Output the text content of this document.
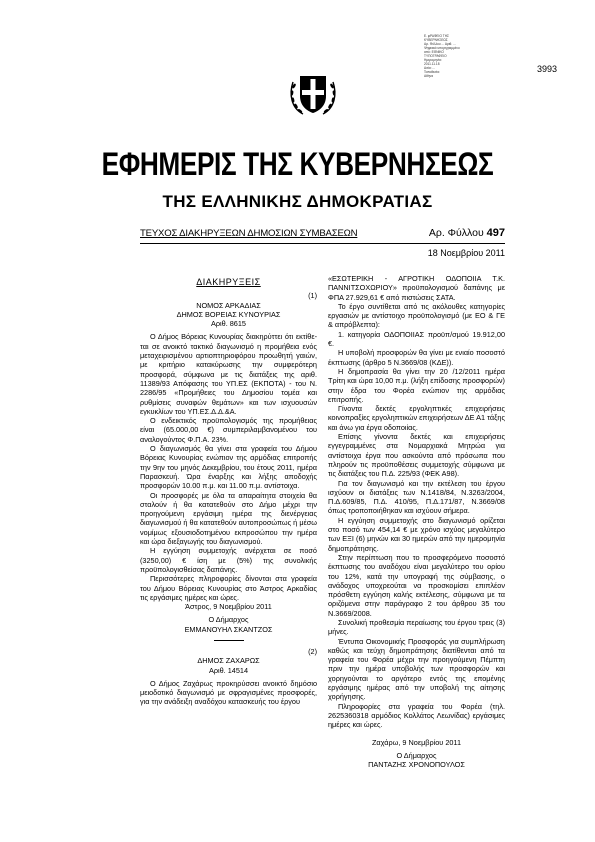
Ε. φΡΑΦΕΙΟ ΤΗΣ
ΚΥΒΕΡΝΗΣΕΩΣ
Αρ. Φύλλου ... Αριθ. ...
Ψηφιακά υπογεγραμμένο
από: ΕΘΝΙΚΟ
ΤΥΠΟΓΡΑΦΕΙΟ
Ημερομηνία:
2011.11.18
Αιτία: ...
Τοποθεσία:
Αθήνα
3993
ΕΦΗΜΕΡΙΣ ΤΗΣ ΚΥΒΕΡΝΗΣΕΩΣ
ΤΗΣ ΕΛΛΗΝΙΚΗΣ ΔΗΜΟΚΡΑΤΙΑΣ
ΤΕΥΧΟΣ ΔΙΑΚΗΡΥΞΕΩΝ ΔΗΜΟΣΙΩΝ ΣΥΜΒΑΣΕΩΝ	Αρ. Φύλλου 497
18 Νοεμβρίου 2011

ΔΙΑΚΗΡΥΞΕΙΣ

(1)

ΝΟΜΟΣ ΑΡΚΑΔΙΑΣ

ΔΗΜΟΣ ΒΟΡΕΙΑΣ ΚΥΝΟΥΡΙΑΣ

Αριθ. 8615

Ο Δήμος Βόρειας Κυνουρίας διακηρύττει ότι εκτίθε-ται σε ανοικτό τακτικό διαγωνισμό η προμήθεια ενός μεταχειρισμένου αρτιοπτηριοφόρου προωθητή γαιών, με κριτήριο κατακύρωσης την συμφερότερη προσφορά, σύμφωνα με τις διατάξεις της αριθ. 11389/93 Απόφασης του ΥΠ.ΕΣ (ΕΚΠΟΤΑ) - του Ν. 2286/95 «Προμήθειες του Δημοσίου τομέα και ρυθμίσεις συναφών θεμάτων» και των ισχυουσών εγκυκλίων του ΥΠ.ΕΣ.Δ.Δ.&Α.

Ο ενδεικτικός προϋπολογισμός της προμήθειας είναι (65.000,00 €) συμπεριλαμβανομένου του αναλογούντος Φ.Π.Α. 23%.

Ο διαγωνισμός θα γίνει στα γραφεία του Δήμου Βόρειας Κυνουρίας ενώπιον της αρμόδιας επιτροπής την 9ην του μηνός Δεκεμβρίου, του έτους 2011, ημέρα Παρασκευή. Ώρα έναρξης και λήξης αποδοχής προσφορών 10.00 π.μ. και 11.00 π.μ. αντίστοιχα.

Οι προσφορές με όλα τα απαραίτητα στοιχεία θα σταλούν ή θα κατατεθούν στο Δήμο μέχρι την προηγούμενη εργάσιμη ημέρα της διενέργειας διαγωνισμού ή θα κατατεθούν αυτοπροσώπως ή μέσω νομίμως εξουσιοδοτημένου εκπροσώπου την ημέρα και ώρα διεξαγωγής του διαγωνισμού.

Η εγγύηση συμμετοχής ανέρχεται σε ποσό (3250,00) € ίση με (5%) της συνολικής προϋπολογισθείσας δαπάνης.

Περισσότερες πληροφορίες δίνονται στα γραφεία του Δήμου Βόρειας Κυνουρίας στο Άστρος Αρκαδίας τις εργάσιμες ημέρες και ώρες.

Άστρος, 9 Νοεμβρίου 2011

Ο Δήμαρχος

ΕΜΜΑΝΟΥΗΛ ΣΚΑΝΤΖΟΣ

(2)

ΔΗΜΟΣ ΖΑΧΑΡΩΣ

Αριθ. 14514

Ο Δήμος Ζαχάρως προκηρύσσει ανοικτό δημόσιο μειοδοτικό διαγωνισμό με σφραγισμένες προσφορές, για την ανάδειξη αναδόχου κατασκευής του έργου

«ΕΣΩΤΕΡΙΚΗ - ΑΓΡΟΤΙΚΗ ΟΔΟΠΟΙΙΑ Τ.Κ. ΠΑΝΝΙΤΣΟΧΩΡΙΟΥ» προϋπολογισμού δαπάνης με ΦΠΑ 27.929,61 € από πιστώσεις ΣΑΤΑ.

Το έργο συντίθεται από τις ακόλουθες κατηγορίες εργασιών με αντίστοιχο προϋπολογισμό (με ΕΟ & ΓΕ & απρόβλεπτα):

1. κατηγορία ΟΔΟΠΟΙΙΑΣ προϋπ/σμού 19.912,00 €.

Η υποβολή προσφορών θα γίνει με ενιαίο ποσοστό έκπτωσης (άρθρο 5 Ν.3669/08 (ΚΔΕ)).

Η δημοπρασία θα γίνει την 20 /12/2011 ημέρα Τρίτη και ώρα 10,00 π.μ. (λήξη επίδοσης προσφορών) στην έδρα του Φορέα ενώπιον της αρμόδιας επιτροπής.

Γίνοντα δεκτές εργοληπτικές επιχειρήσεις κοινοπραξίες εργοληπτικών επιχειρήσεων ΔΕ Α1 τάξης και άνω για έργα οδοποιίας.

Επίσης γίνοντα δεκτές και επιχειρήσεις εγγεγραμμένες στα Νομαρχιακά Μητρώα για αντίστοιχα έργα που ασκούντα από πρόσωπα που πληρούν τις προϋποθέσεις συμμετοχής σύμφωνα με τις διατάξεις του Π.Δ. 225/93 (ΦΕΚ Α98).

Για τον διαγωνισμό και την εκτέλεση του έργου ισχύουν οι διατάξεις των Ν.1418/84, Ν.3263/2004, Π.Δ.609/85, Π.Δ. 410/95, Π.Δ.171/87, Ν.3669/08 όπως τροποποιήθηκαν και ισχύουν σήμερα.

Η εγγύηση συμμετοχής στο διαγωνισμό ορίζεται στο ποσό των 454,14 € με χρόνο ισχύος μεγαλύτερο των ΕΞΙ (6) μηνών και 30 ημερών από την ημερομηνία δημοπράτησης.

Στην περίπτωση που το προσφερόμενο ποσοστό έκπτωσης του αναδόχου είναι μεγαλύτερο του ορίου του 12%, κατά την υπογραφή της σύμβασης, ο ανάδοχος υποχρεούται να προσκομίσει επιπλέον πρόσθετη εγγύηση καλής εκτέλεσης, σύμφωνα με τα οριζόμενα στην παράγραφο 2 του άρθρου 35 του Ν.3669/2008.

Συνολική προθεσμία περαίωσης του έργου τρεις (3) μήνες.

Έντυπα Οικονομικής Προσφοράς για συμπλήρωση καθώς και τεύχη δημοπράτησης διατίθενται από τα γραφεία του Φορέα μέχρι την προηγούμενη Πέμπτη πριν την ημέρα υποβολής των προσφορών και χορηγούνται το αργότερο εντός της επομένης εργάσιμης ημέρας από την υποβολή της αίτησης χορήγησης.

Πληροφορίες στα γραφεία του Φορέα (τηλ. 2625360318 αρμόδιος Κολλάτος Λεωνίδας) εργάσιμες ημέρες και ώρες.

Ζαχάρω, 9 Νοεμβρίου 2011

Ο Δήμαρχος

ΠΑΝΤΑΖΗΣ ΧΡΟΝΟΠΟΥΛΟΣ
